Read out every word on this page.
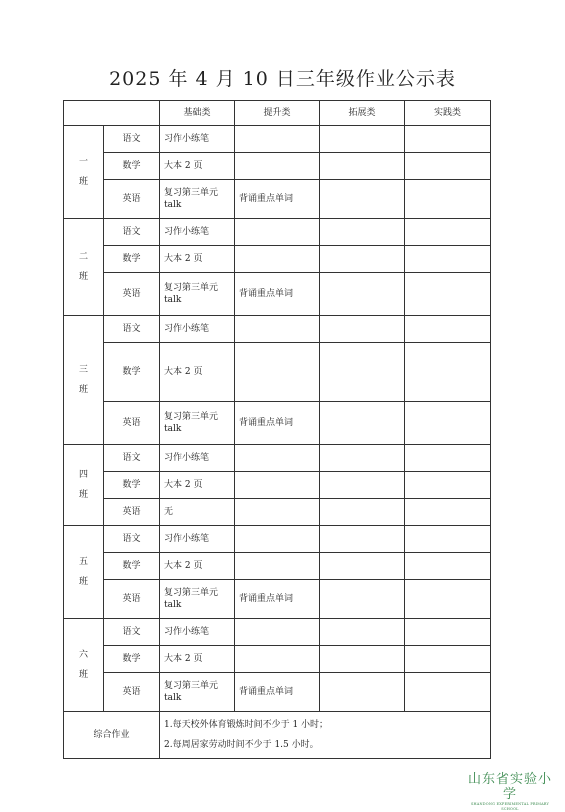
2025 年 4 月 10 日三年级作业公示表
		基础类	提升类	拓展类	实践类

一
班	语文	习作小练笔			
	数学	大本 2 页			
	英语	复习第三单元 talk	背诵重点单词		

二
班	语文	习作小练笔			
	数学	大本 2 页			
	英语	复习第三单元 talk	背诵重点单词		

三
班	语文	习作小练笔			
	数学	大本 2 页			
	英语	复习第三单元 talk	背诵重点单词		

四
班	语文	习作小练笔			
	数学	大本 2 页			
	英语	无			

五
班	语文	习作小练笔			
	数学	大本 2 页			
	英语	复习第三单元 talk	背诵重点单词		

六
班	语文	习作小练笔			
	数学	大本 2 页			
	英语	复习第三单元 talk	背诵重点单词		
综合作业		1.每天校外体育锻炼时间不少于 1 小时；
2.每周居家劳动时间不少于 1.5 小时。			
山东省实验小学
SHANDONG EXPERIMENTAL PRIMARY SCHOOL
